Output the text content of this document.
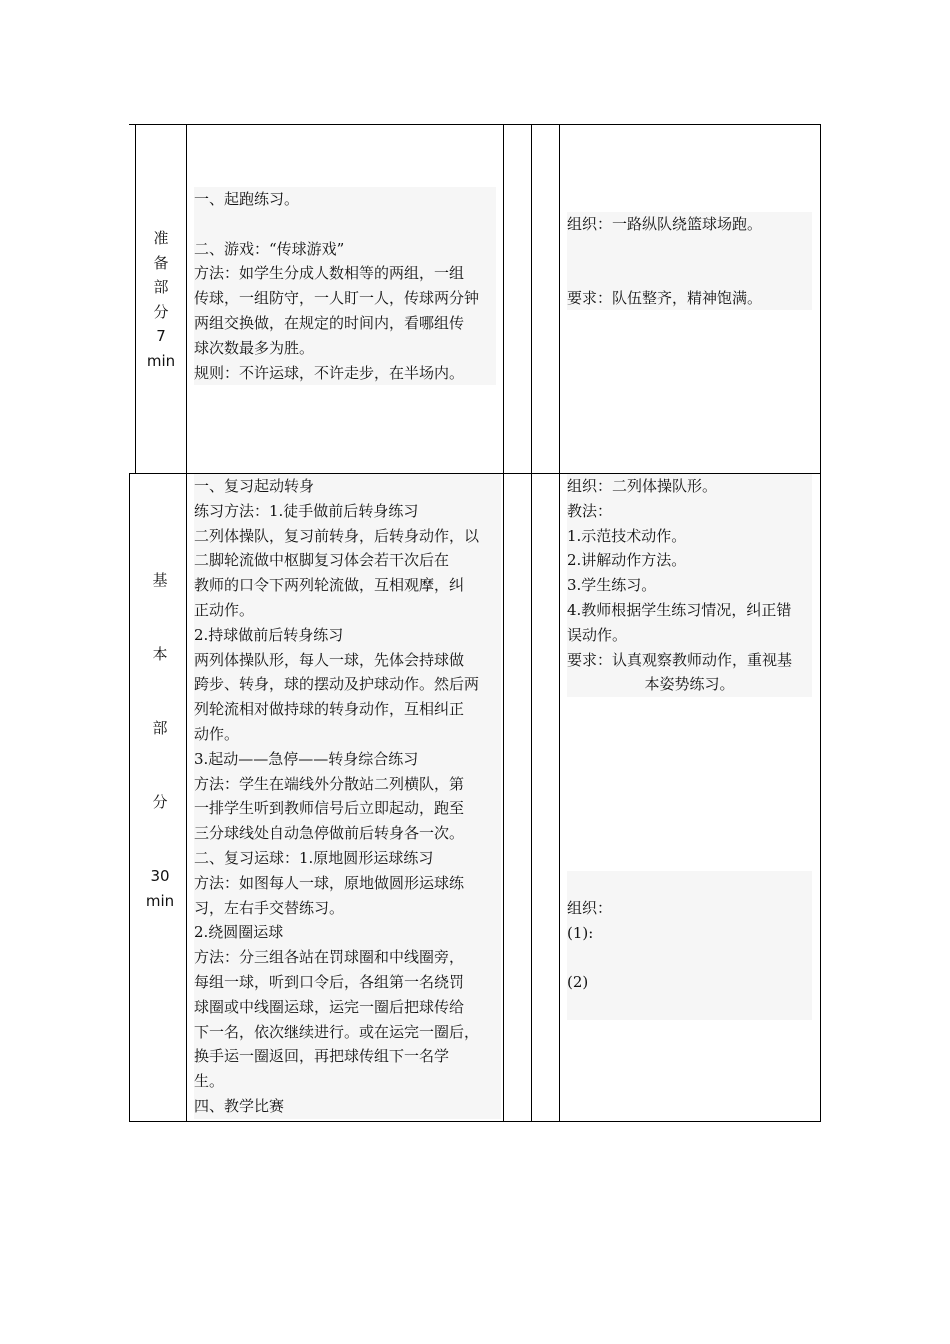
准
备
部
分
7
min

一、起跑练习。

二、游戏：“传球游戏”

方法：如学生分成人数相等的两组，一组

传球，一组防守，一人盯一人，传球两分钟

两组交换做，在规定的时间内，看哪组传

球次数最多为胜。

规则：不许运球，不许走步，在半场内。

组织：一路纵队绕篮球场跑。

要求：队伍整齐，精神饱满。

基
本
部
分
30
min

一、复习起动转身

练习方法：1.徒手做前后转身练习

二列体操队，复习前转身，后转身动作，以

二脚轮流做中枢脚复习体会若干次后在

教师的口令下两列轮流做，互相观摩，纠

正动作。

2.持球做前后转身练习

两列体操队形，每人一球，先体会持球做

跨步、转身，球的摆动及护球动作。然后两

列轮流相对做持球的转身动作，互相纠正

动作。

3.起动——急停——转身综合练习

方法：学生在端线外分散站二列横队，第

一排学生听到教师信号后立即起动，跑至

三分球线处自动急停做前后转身各一次。

二、复习运球：1.原地圆形运球练习

方法：如图每人一球，原地做圆形运球练

习，左右手交替练习。

2.绕圆圈运球

方法：分三组各站在罚球圈和中线圈旁，

每组一球，听到口令后，各组第一名绕罚

球圈或中线圈运球，运完一圈后把球传给

下一名，依次继续进行。或在运完一圈后，

换手运一圈返回，再把球传组下一名学

生。

四、教学比赛

组织：二列体操队形。

教法：

1.示范技术动作。

2.讲解动作方法。

3.学生练习。

4.教师根据学生练习情况，纠正错

误动作。

要求：认真观察教师动作，重视基

本姿势练习。

组织：

(1):

(2)
